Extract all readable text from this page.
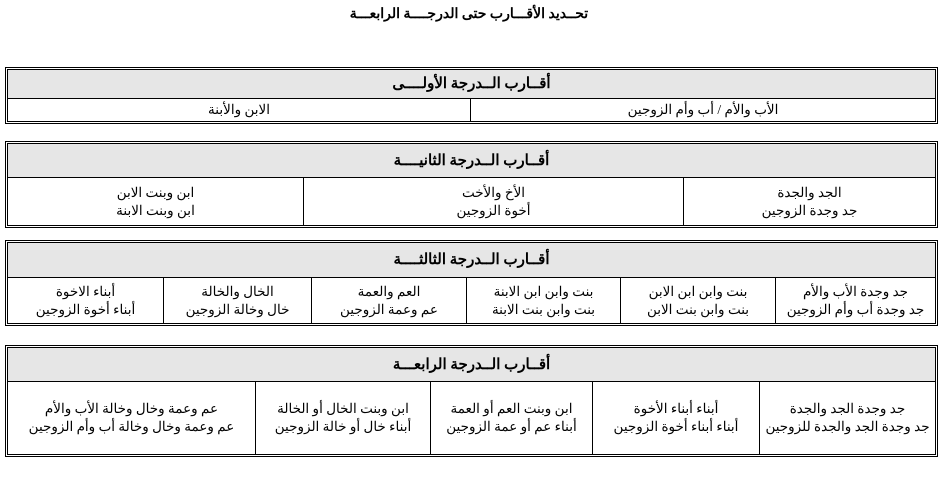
تحــديد الأقـــارب حتى الدرجــــة الرابعـــة
أقــارب الــدرجة الأولــــى
الأب والأم / أب وأم الزوجين
الابن والأبنة
أقــارب الــدرجة الثانيــــة
الجد والجدة
جد وجدة الزوجين
الأخ والأخت
أخوة الزوجين
ابن وبنت الابن
ابن وبنت الابنة
أقــارب الــدرجة الثالثــــة
جد وجدة الأب والأم
جد وجدة أب وأم الزوجين
بنت وابن ابن الابن
بنت وابن بنت الابن
بنت وابن ابن الابنة
بنت وابن بنت الابنة
العم والعمة
عم وعمة الزوجين
الخال والخالة
خال وخالة الزوجين
أبناء الاخوة
أبناء أخوة الزوجين
أقــارب الــدرجة الرابعـــة
جد وجدة الجد والجدة
جد وجدة الجد والجدة للزوجين
أبناء أبناء الأخوة
أبناء أبناء أخوة الزوجين
ابن وبنت العم أو العمة
أبناء عم أو عمة الزوجين
ابن وبنت الخال أو الخالة
أبناء خال أو خالة الزوجين
عم وعمة وخال وخالة الأب والأم
عم وعمة وخال وخالة أب وأم الزوجين
